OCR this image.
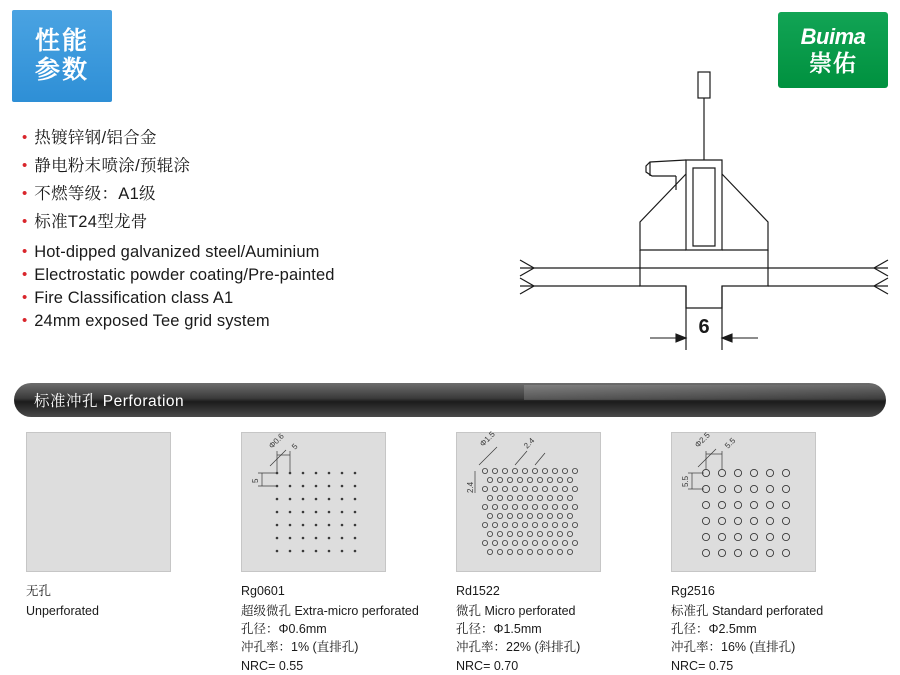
性能
参数
Buima
崇佑
• 热镀锌钢/铝合金
• 静电粉末喷涂/预辊涂
• 不燃等级：A1级
• 标准T24型龙骨
• Hot-dipped galvanized steel/Auminium
• Electrostatic powder coating/Pre-painted
• Fire Classification class A1
• 24mm exposed Tee grid system	6
标准冲孔 Perforation
无孔
Unperforated
Φ0.6 5
5
Rg0601
超级微孔 Extra-micro perforated
孔径：Φ0.6mm
冲孔率：1% (直排孔)
NRC= 0.55
Φ1.5	2.4
2.4
Rd1522
微孔 Micro perforated
孔径：Φ1.5mm
冲孔率：22% (斜排孔)
NRC= 0.70
Φ2.5 5.5
5.5
Rg2516
标准孔 Standard perforated
孔径：Φ2.5mm
冲孔率：16% (直排孔)
NRC= 0.75
